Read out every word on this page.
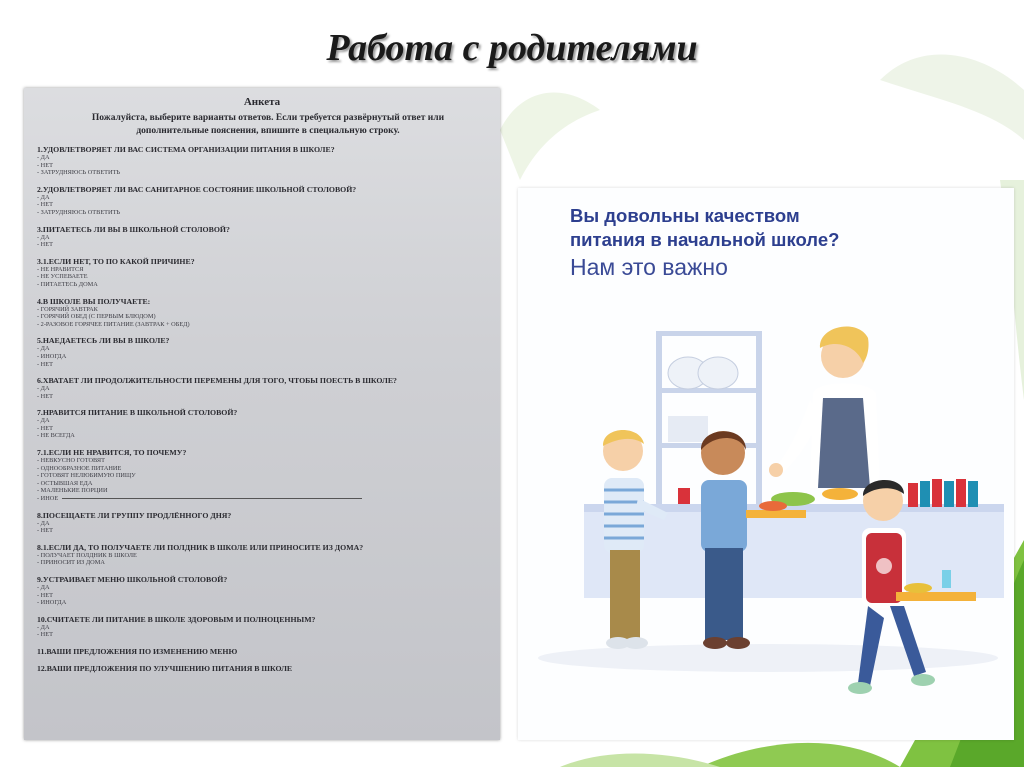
Работа с родителями
Анкета
Пожалуйста, выберите варианты ответов. Если требуется развёрнутый ответ или дополнительные пояснения, впишите в специальную строку.
1.УДОВЛЕТВОРЯЕТ ЛИ ВАС СИСТЕМА ОРГАНИЗАЦИИ ПИТАНИЯ В ШКОЛЕ?
- ДА
- НЕТ
- ЗАТРУДНЯЮСЬ ОТВЕТИТЬ
2.УДОВЛЕТВОРЯЕТ ЛИ ВАС САНИТАРНОЕ СОСТОЯНИЕ ШКОЛЬНОЙ СТОЛОВОЙ?
- ДА
- НЕТ
- ЗАТРУДНЯЮСЬ ОТВЕТИТЬ
3.ПИТАЕТЕСЬ ЛИ ВЫ В ШКОЛЬНОЙ СТОЛОВОЙ?
- ДА
- НЕТ
3.1.ЕСЛИ НЕТ, ТО ПО КАКОЙ ПРИЧИНЕ?
- НЕ НРАВИТСЯ
- НЕ УСПЕВАЕТЕ
- ПИТАЕТЕСЬ ДОМА
4.В ШКОЛЕ ВЫ ПОЛУЧАЕТЕ:
- ГОРЯЧИЙ ЗАВТРАК
- ГОРЯЧИЙ ОБЕД (С ПЕРВЫМ БЛЮДОМ)
- 2-РАЗОВОЕ ГОРЯЧЕЕ ПИТАНИЕ (ЗАВТРАК + ОБЕД)
5.НАЕДАЕТЕСЬ ЛИ ВЫ В ШКОЛЕ?
- ДА
- ИНОГДА
- НЕТ
6.ХВАТАЕТ ЛИ ПРОДОЛЖИТЕЛЬНОСТИ ПЕРЕМЕНЫ ДЛЯ ТОГО, ЧТОБЫ ПОЕСТЬ В ШКОЛЕ?
- ДА
- НЕТ
7.НРАВИТСЯ ПИТАНИЕ В ШКОЛЬНОЙ СТОЛОВОЙ?
- ДА
- НЕТ
- НЕ ВСЕГДА
7.1.ЕСЛИ НЕ НРАВИТСЯ, ТО ПОЧЕМУ?
- НЕВКУСНО ГОТОВЯТ
- ОДНООБРАЗНОЕ ПИТАНИЕ
- ГОТОВЯТ НЕЛЮБИМУЮ ПИЩУ
- ОСТЫВШАЯ ЕДА
- МАЛЕНЬКИЕ ПОРЦИИ
- ИНОЕ
8.ПОСЕЩАЕТЕ ЛИ ГРУППУ ПРОДЛЁННОГО ДНЯ?
- ДА
- НЕТ
8.1.ЕСЛИ ДА, ТО ПОЛУЧАЕТЕ ЛИ ПОЛДНИК В ШКОЛЕ ИЛИ ПРИНОСИТЕ ИЗ ДОМА?
- ПОЛУЧАЕТ ПОЛДНИК В ШКОЛЕ
- ПРИНОСИТ ИЗ ДОМА
9.УСТРАИВАЕТ МЕНЮ ШКОЛЬНОЙ СТОЛОВОЙ?
- ДА
- НЕТ
- ИНОГДА
10.СЧИТАЕТЕ ЛИ ПИТАНИЕ В ШКОЛЕ ЗДОРОВЫМ И ПОЛНОЦЕННЫМ?
- ДА
- НЕТ
11.ВАШИ ПРЕДЛОЖЕНИЯ ПО ИЗМЕНЕНИЮ МЕНЮ
12.ВАШИ ПРЕДЛОЖЕНИЯ ПО УЛУЧШЕНИЮ ПИТАНИЯ В ШКОЛЕ
Вы довольны качеством
питания в начальной школе?
Нам это важно
